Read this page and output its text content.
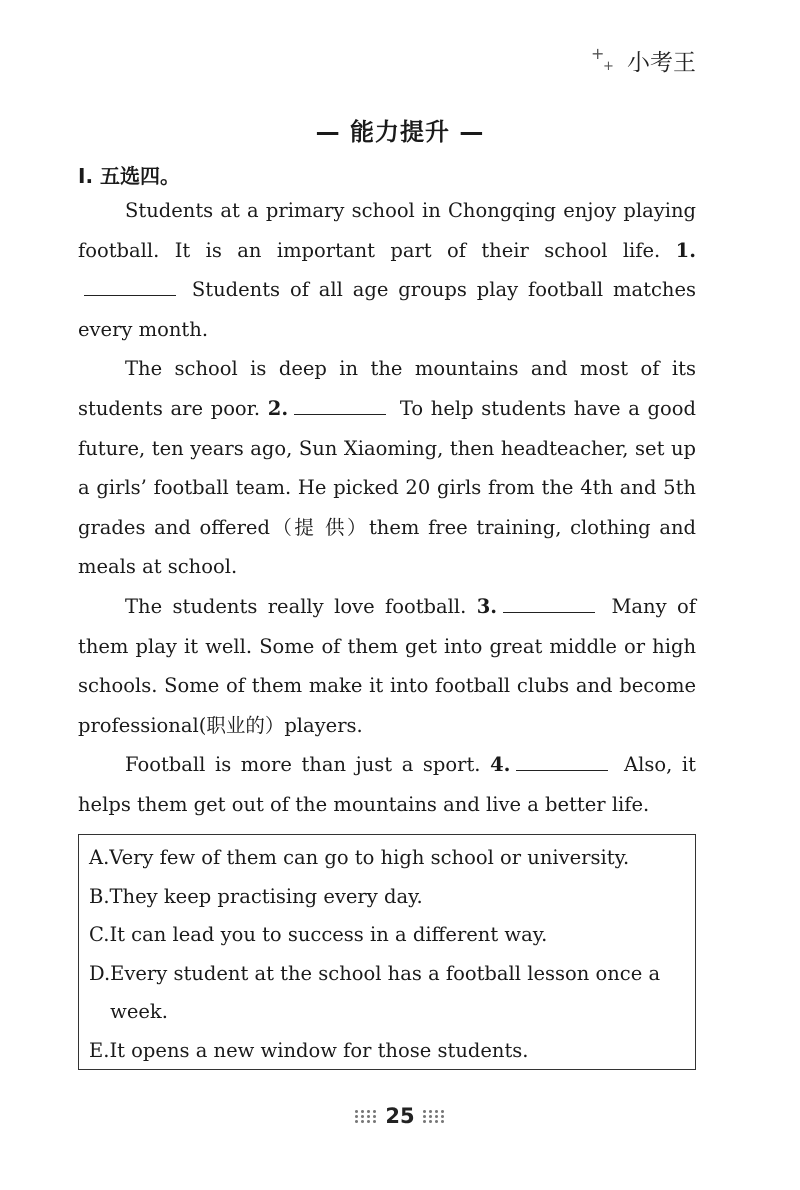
+
+ 小考王
— 能力提升 —
Ⅰ. 五选四。

Students at a primary school in Chongqing enjoy playing football. It is an important part of their school life. 1. Students of all age groups play football matches every month.

The school is deep in the mountains and most of its students are poor. 2.	To help students have a good future, ten years ago, Sun Xiaoming, then headteacher, set up a girls’ football team. He picked 20 girls from the 4th and 5th grades and offered（提 供）them free training, clothing and meals at school.

The students really love football. 3.	Many of them play it well. Some of them get into great middle or high schools. Some of them make it into football clubs and become professional(职业的）players.

Football is more than just a sport. 4.	Also, it helps them get out of the mountains and live a better life.

A. Very few of them can go to high school or university.
B. They keep practising every day.
C. It can lead you to success in a different way.
D. Every student at the school has a football lesson once a week.
E. It opens a new window for those students.
25
